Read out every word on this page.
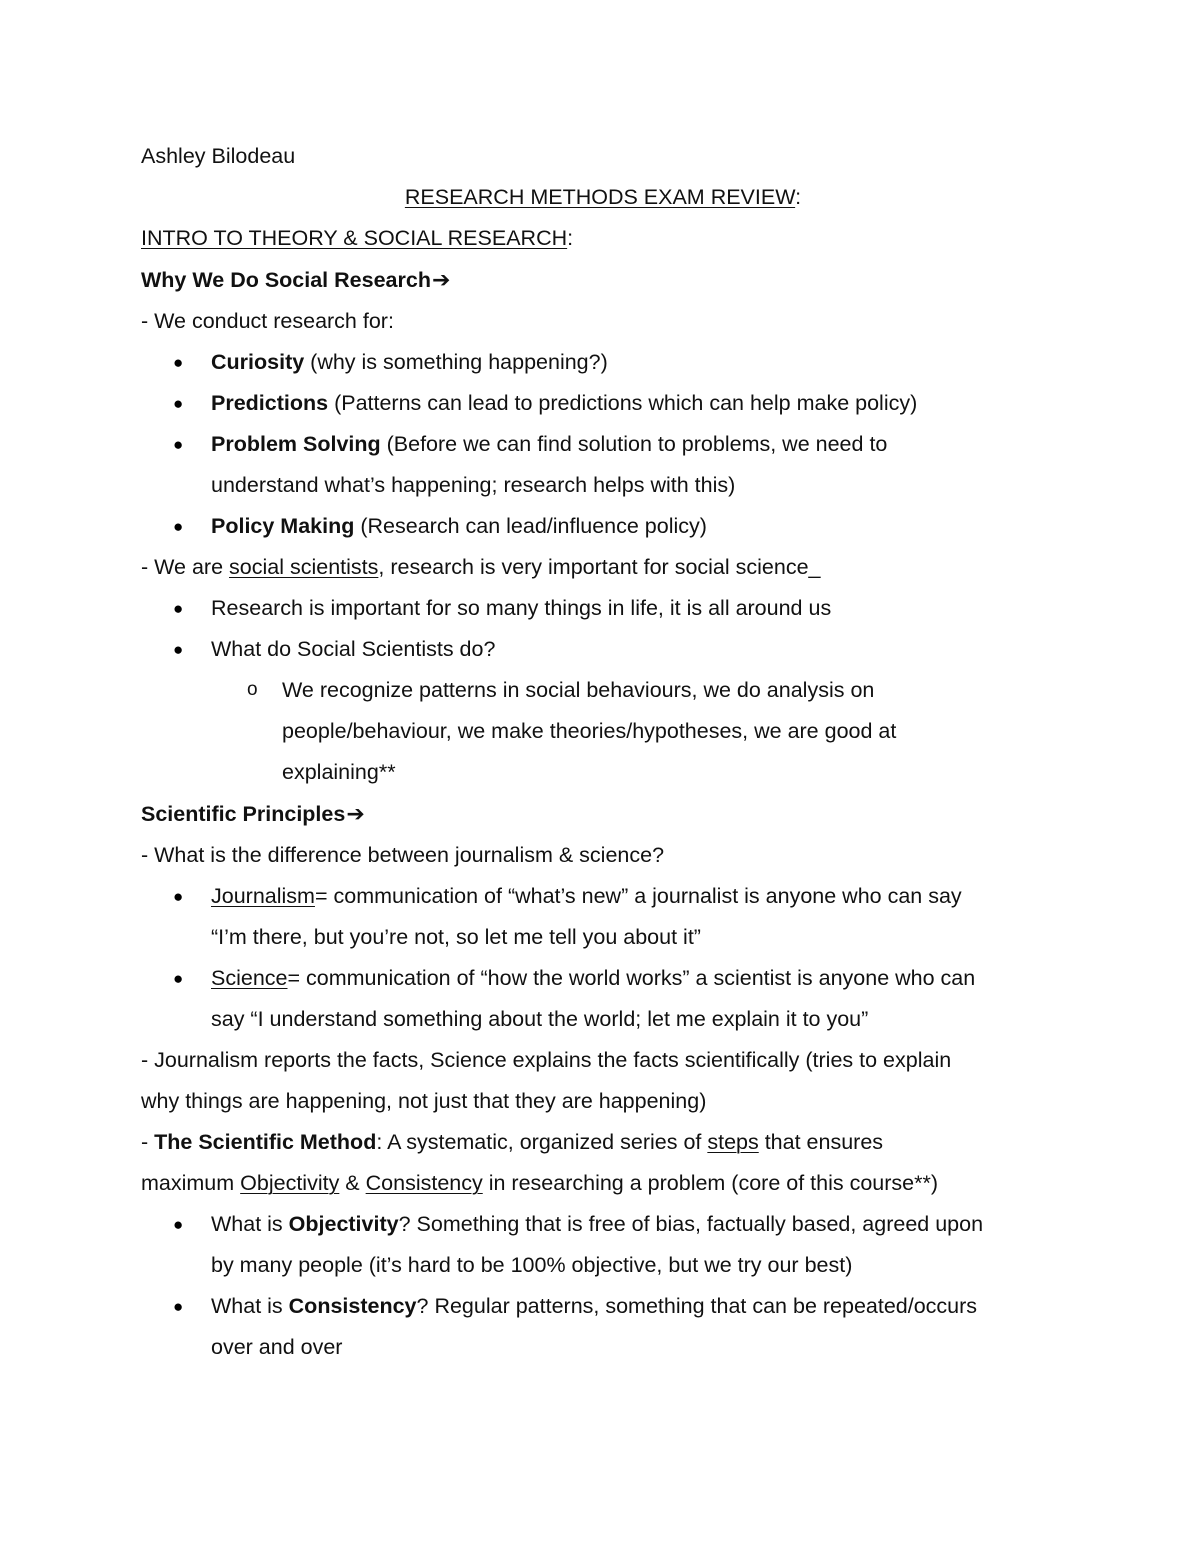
Ashley Bilodeau

RESEARCH METHODS EXAM REVIEW:

INTRO TO THEORY & SOCIAL RESEARCH:

Why We Do Social Research➔

- We conduct research for:

● Curiosity (why is something happening?)
● Predictions (Patterns can lead to predictions which can help make policy)
● Problem Solving (Before we can find solution to problems, we need to
understand what’s happening; research helps with this)
● Policy Making (Research can lead/influence policy)

- We are social scientists, research is very important for social science_

● Research is important for so many things in life, it is all around us
● What do Social Scientists do?
o We recognize patterns in social behaviours, we do analysis on
people/behaviour, we make theories/hypotheses, we are good at
explaining**

Scientific Principles➔

- What is the difference between journalism & science?

● Journalism= communication of “what’s new” a journalist is anyone who can say
“I’m there, but you’re not, so let me tell you about it”
● Science= communication of “how the world works” a scientist is anyone who can
say “I understand something about the world; let me explain it to you”

- Journalism reports the facts, Science explains the facts scientifically (tries to explain

why things are happening, not just that they are happening)

- The Scientific Method: A systematic, organized series of steps that ensures

maximum Objectivity & Consistency in researching a problem (core of this course**)

● What is Objectivity? Something that is free of bias, factually based, agreed upon
by many people (it’s hard to be 100% objective, but we try our best)
● What is Consistency? Regular patterns, something that can be repeated/occurs
over and over
